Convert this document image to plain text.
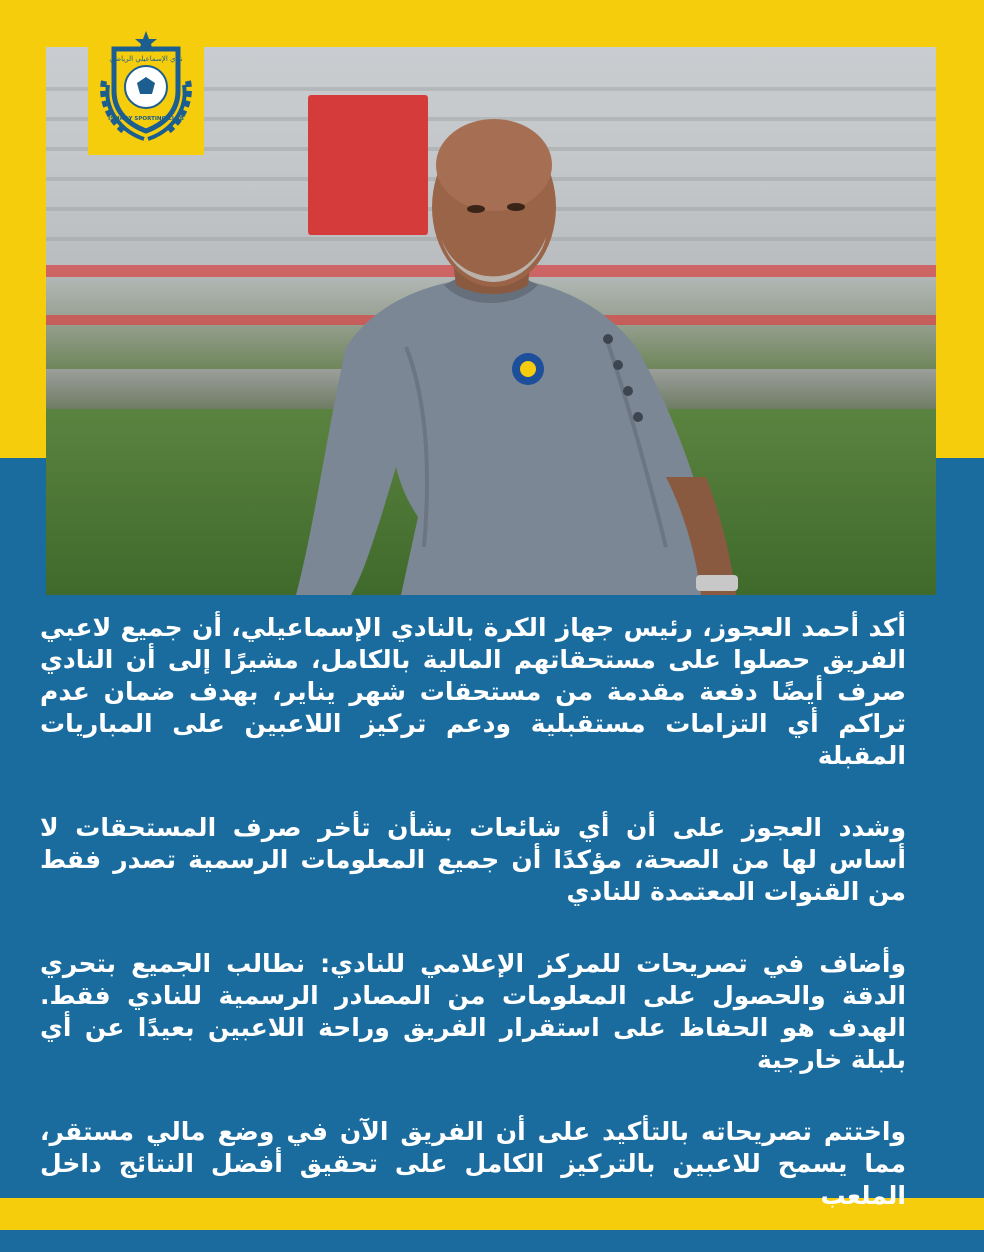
نادي الإسماعيلي الرياضي
ISMAILY SPORTING CLUB

أكد أحمد العجوز، رئيس جهاز الكرة بالنادي الإسماعيلي، أن جميع لاعبي الفريق حصلوا على مستحقاتهم المالية بالكامل، مشيرًا إلى أن النادي صرف أيضًا دفعة مقدمة من مستحقات شهر يناير، بهدف ضمان عدم تراكم أي التزامات مستقبلية ودعم تركيز اللاعبين على المباريات المقبلة

وشدد العجوز على أن أي شائعات بشأن تأخر صرف المستحقات لا أساس لها من الصحة، مؤكدًا أن جميع المعلومات الرسمية تصدر فقط من القنوات المعتمدة للنادي

وأضاف في تصريحات للمركز الإعلامي للنادي: نطالب الجميع بتحري الدقة والحصول على المعلومات من المصادر الرسمية للنادي فقط. الهدف هو الحفاظ على استقرار الفريق وراحة اللاعبين بعيدًا عن أي بلبلة خارجية

واختتم تصريحاته بالتأكيد على أن الفريق الآن في وضع مالي مستقر، مما يسمح للاعبين بالتركيز الكامل على تحقيق أفضل النتائج داخل الملعب
